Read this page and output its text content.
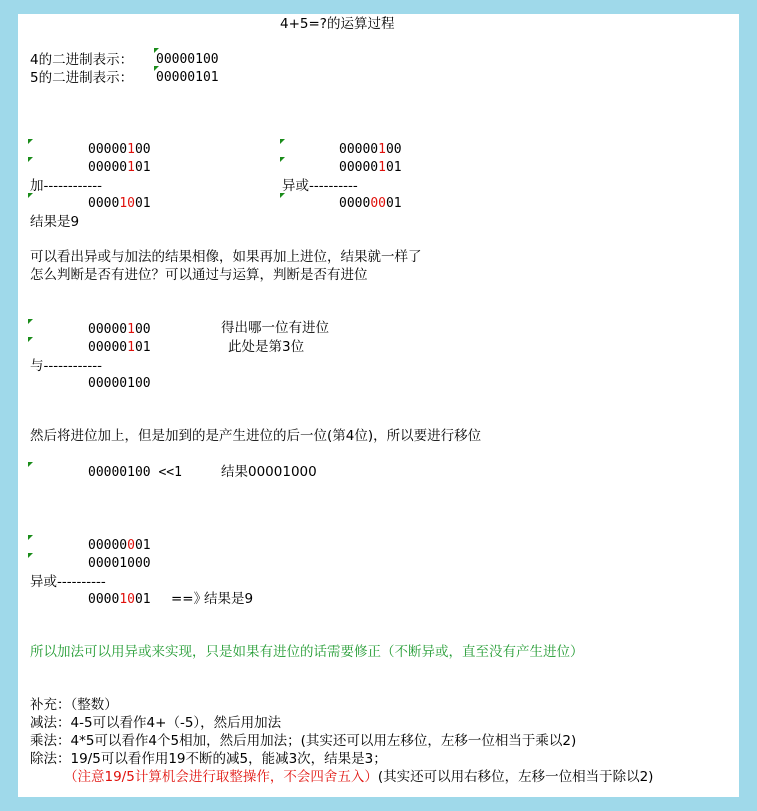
4+5=?的运算过程
4的二进制表示： 00000100
5的二进制表示： 00000101
00000100
00000101
加------------
00001001
结果是9
00000100
00000101
异或----------
00000001
可以看出异或与加法的结果相像，如果再加上进位，结果就一样了
怎么判断是否有进位？可以通过与运算，判断是否有进位
00000100	得出哪一位有进位
00000101	此处是第3位
与------------
00000100
然后将进位加上，但是加到的是产生进位的后一位(第4位)，所以要进行移位
00000100 <<1	结果00001000
00000001
00001000
异或----------
00001001 ==》
结果是9
所以加法可以用异或来实现，只是如果有进位的话需要修正（不断异或，直至没有产生进位）
补充：（整数）
减法：4-5可以看作4+（-5），然后用加法
乘法：4*5可以看作4个5相加，然后用加法；(其实还可以用左移位，左移一位相当于乘以2)
除法：19/5可以看作用19不断的减5，能减3次，结果是3；
（注意19/5计算机会进行取整操作，不会四舍五入）(其实还可以用右移位，左移一位相当于除以2)
